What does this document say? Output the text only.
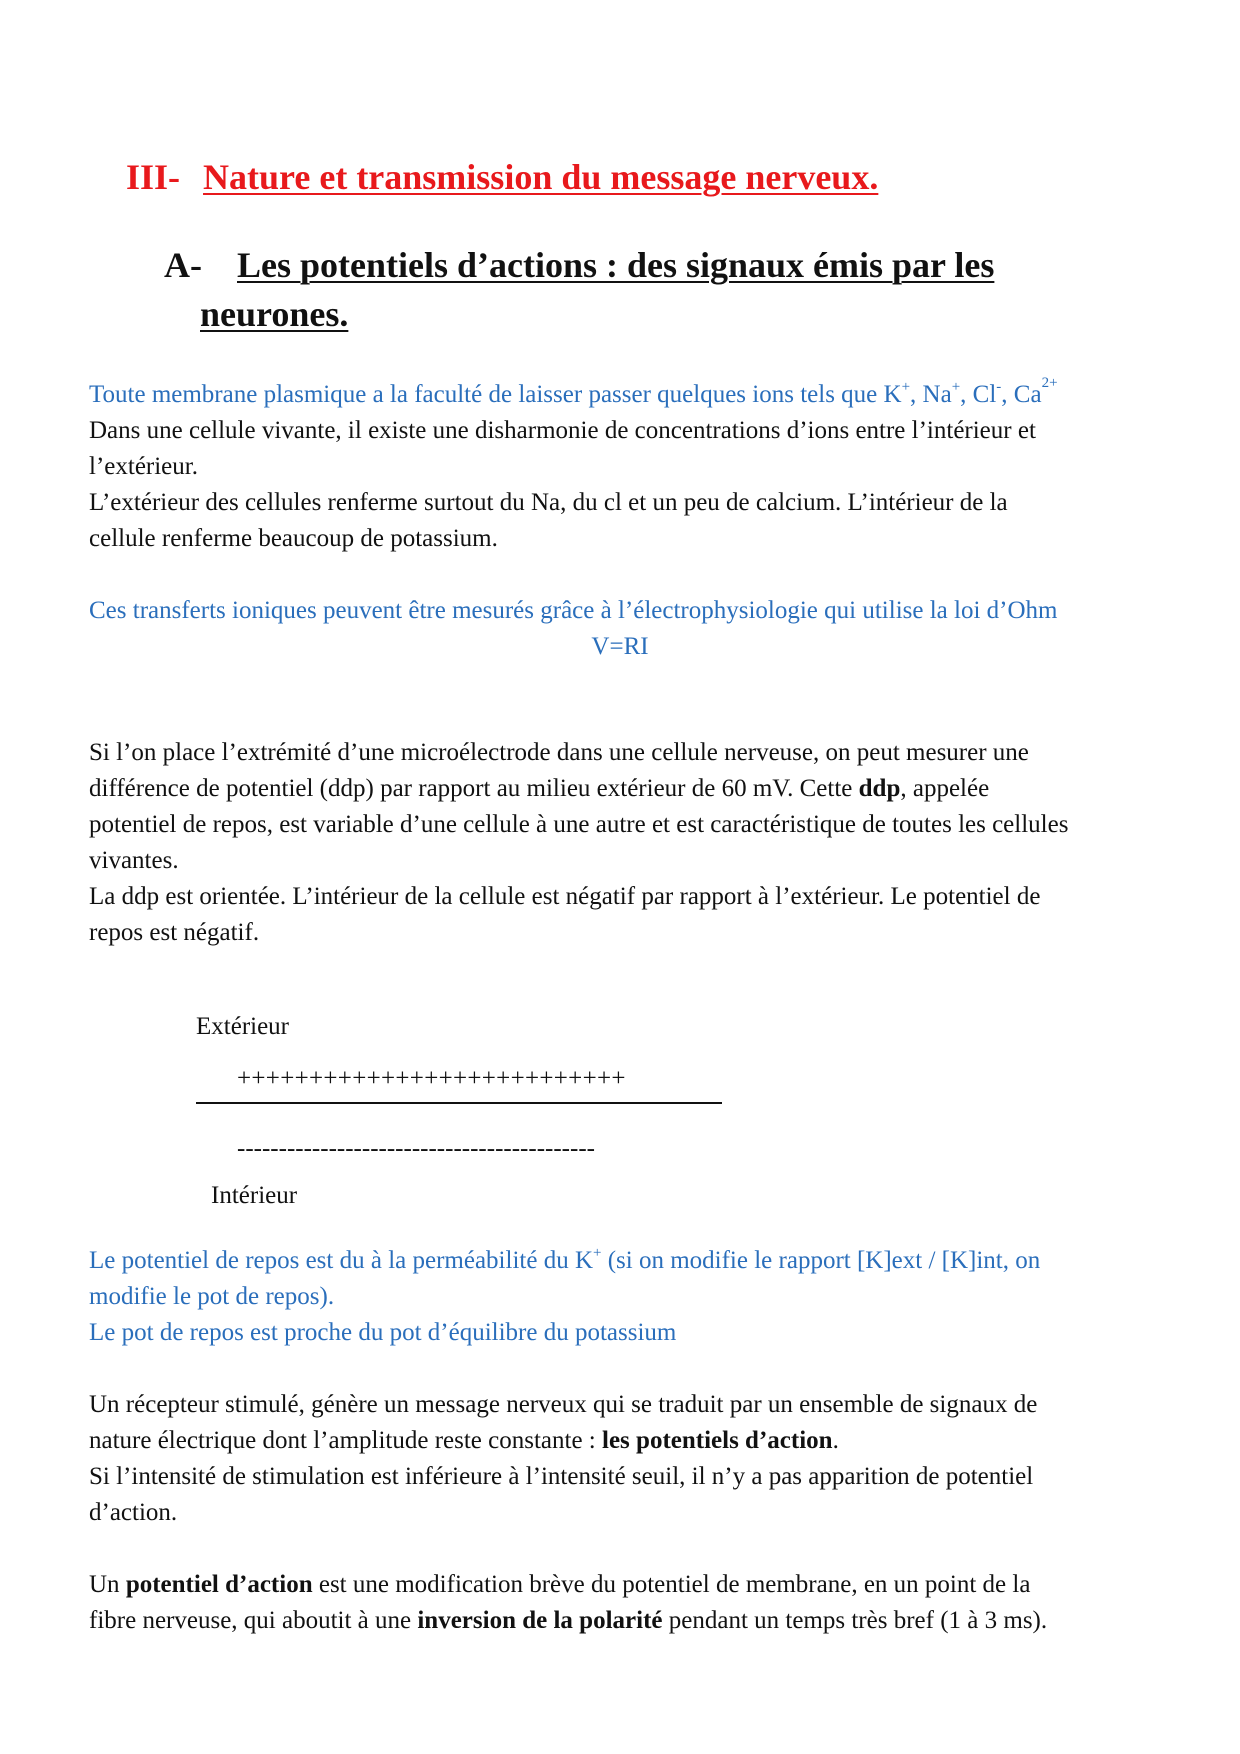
III- Nature et transmission du message nerveux.
A- Les potentiels d’actions : des signaux émis par les
neurones.
Toute membrane plasmique a la faculté de laisser passer quelques ions tels que K+, Na+, Cl-, $Ca^{2+}$
Dans une cellule vivante, il existe une disharmonie de concentrations d’ions entre l’intérieur et
l’extérieur.
L’extérieur des cellules renferme surtout du Na, du cl et un peu de calcium. L’intérieur de la
cellule renferme beaucoup de potassium.
Ces transferts ioniques peuvent être mesurés grâce à l’électrophysiologie qui utilise la loi d’Ohm
V=RI
Si l’on place l’extrémité d’une microélectrode dans une cellule nerveuse, on peut mesurer une
différence de potentiel (ddp) par rapport au milieu extérieur de 60 mV. Cette ddp, appelée
potentiel de repos, est variable d’une cellule à une autre et est caractéristique de toutes les cellules
vivantes.
La ddp est orientée. L’intérieur de la cellule est négatif par rapport à l’extérieur. Le potentiel de
repos est négatif.
Extérieur
+++++++++++++++++++++++++++
-------------------------------------------
Intérieur
Le potentiel de repos est du à la perméabilité du K+ (si on modifie le rapport [K]ext / [K]int, on
modifie le pot de repos).
Le pot de repos est proche du pot d’équilibre du potassium
Un récepteur stimulé, génère un message nerveux qui se traduit par un ensemble de signaux de
nature électrique dont l’amplitude reste constante : les potentiels d’action.
Si l’intensité de stimulation est inférieure à l’intensité seuil, il n’y a pas apparition de potentiel
d’action.
Un potentiel d’action est une modification brève du potentiel de membrane, en un point de la
fibre nerveuse, qui aboutit à une inversion de la polarité pendant un temps très bref (1 à 3 ms).
